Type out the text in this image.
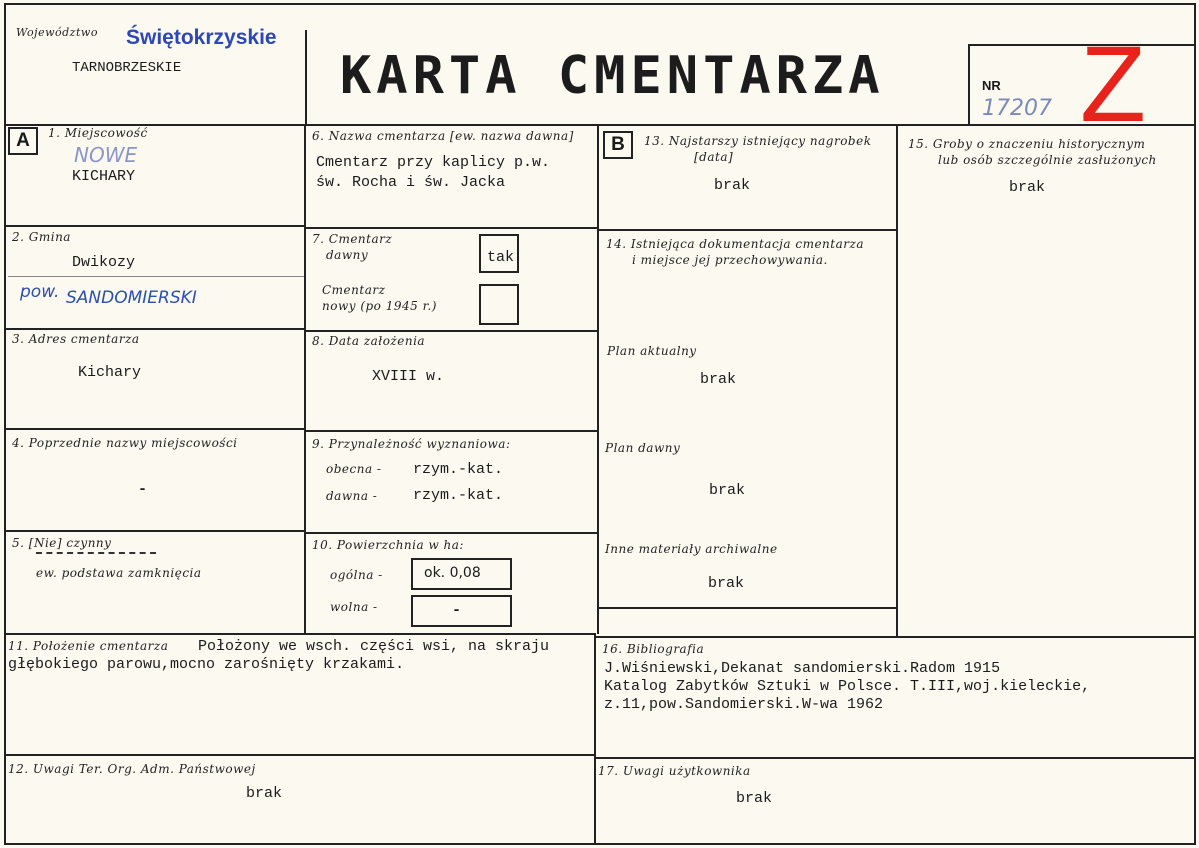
Województwo Świętokrzyskie
TARNOBRZESKIE	KARTA CMENTARZA	NR
17207 Z
A	1. Miejscowość
NOWE
KICHARY
2. Gmina
Dwikozy
pow. SANDOMIERSKI
3. Adres cmentarza
Kichary
4. Poprzednie nazwy miejscowości
-
5. [Nie] czynny
ew. podstawa zamknięcia
6. Nazwa cmentarza [ew. nazwa dawna]
Cmentarz przy kaplicy p.w.
św. Rocha i św. Jacka
7. Cmentarz
dawny	tak
Cmentarz
nowy (po 1945 r.)
8. Data założenia
XVIII w.
9. Przynależność wyznaniowa:
obecna - rzym.-kat.
dawna - rzym.-kat.
10. Powierzchnia w ha:
ogólna -	ok. 0,08
wolna -	-
B	13. Najstarszy istniejący nagrobek
[data]
brak
14. Istniejąca dokumentacja cmentarza
i miejsce jej przechowywania.
Plan aktualny
brak
Plan dawny
brak
Inne materiały archiwalne
brak
15. Groby o znaczeniu historycznym
lub osób szczególnie zasłużonych
brak
11. Położenie cmentarza Położony we wsch. części wsi, na skraju
głębokiego parowu,mocno zarośnięty krzakami.
12. Uwagi Ter. Org. Adm. Państwowej
brak
16. Bibliografia
J.Wiśniewski,Dekanat sandomierski.Radom 1915
Katalog Zabytków Sztuki w Polsce. T.III,woj.kieleckie,
z.11,pow.Sandomierski.W-wa 1962
17. Uwagi użytkownika
brak
